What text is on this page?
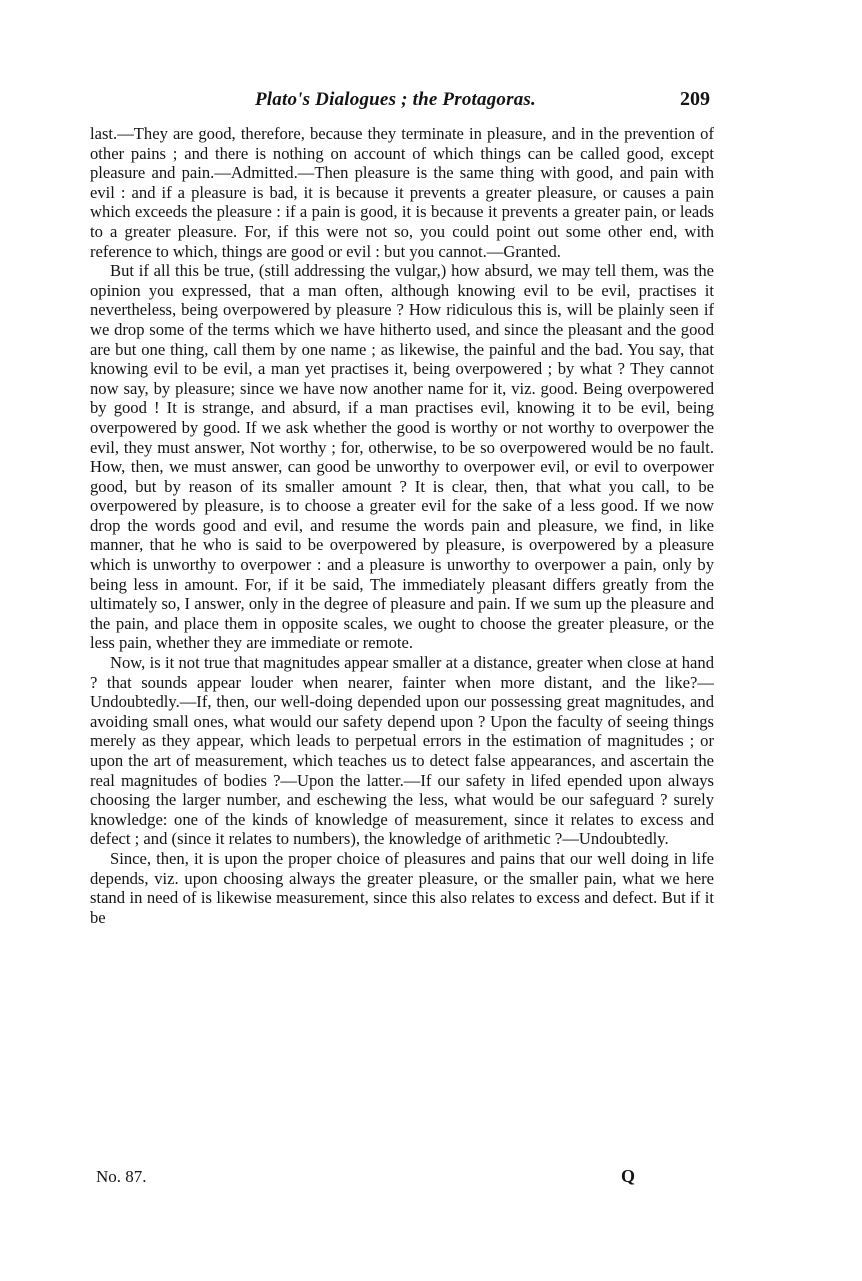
Plato's Dialogues ; the Protagoras.	209

last.—They are good, therefore, because they terminate in pleasure, and in the prevention of other pains ; and there is nothing on account of which things can be called good, except pleasure and pain.—Admitted.—Then pleasure is the same thing with good, and pain with evil : and if a pleasure is bad, it is because it prevents a greater pleasure, or causes a pain which exceeds the pleasure : if a pain is good, it is because it prevents a greater pain, or leads to a greater pleasure. For, if this were not so, you could point out some other end, with reference to which, things are good or evil : but you cannot.—Granted.

But if all this be true, (still addressing the vulgar,) how absurd, we may tell them, was the opinion you expressed, that a man often, although knowing evil to be evil, practises it nevertheless, being overpowered by pleasure ? How ridiculous this is, will be plainly seen if we drop some of the terms which we have hitherto used, and since the pleasant and the good are but one thing, call them by one name ; as likewise, the painful and the bad. You say, that knowing evil to be evil, a man yet practises it, being overpowered ; by what ? They cannot now say, by pleasure; since we have now another name for it, viz. good. Being overpowered by good ! It is strange, and absurd, if a man practises evil, knowing it to be evil, being overpowered by good. If we ask whether the good is worthy or not worthy to overpower the evil, they must answer, Not worthy ; for, otherwise, to be so overpowered would be no fault. How, then, we must answer, can good be unworthy to overpower evil, or evil to overpower good, but by reason of its smaller amount ? It is clear, then, that what you call, to be overpowered by pleasure, is to choose a greater evil for the sake of a less good. If we now drop the words good and evil, and resume the words pain and pleasure, we find, in like manner, that he who is said to be overpowered by pleasure, is overpowered by a pleasure which is unworthy to overpower : and a pleasure is unworthy to overpower a pain, only by being less in amount. For, if it be said, The immediately pleasant differs greatly from the ultimately so, I answer, only in the degree of pleasure and pain. If we sum up the pleasure and the pain, and place them in opposite scales, we ought to choose the greater pleasure, or the less pain, whether they are immediate or remote.

Now, is it not true that magnitudes appear smaller at a distance, greater when close at hand ? that sounds appear louder when nearer, fainter when more distant, and the like?—Undoubtedly.—If, then, our well-doing depended upon our possessing great magnitudes, and avoiding small ones, what would our safety depend upon ? Upon the faculty of seeing things merely as they appear, which leads to perpetual errors in the estimation of magnitudes ; or upon the art of measurement, which teaches us to detect false appearances, and ascertain the real magnitudes of bodies ?—Upon the latter.—If our safety in lifed epended upon always choosing the larger number, and eschewing the less, what would be our safeguard ? surely knowledge: one of the kinds of knowledge of measurement, since it relates to excess and defect ; and (since it relates to numbers), the knowledge of arithmetic ?—Undoubtedly.

Since, then, it is upon the proper choice of pleasures and pains that our well doing in life depends, viz. upon choosing always the greater pleasure, or the smaller pain, what we here stand in need of is likewise measurement, since this also relates to excess and defect. But if it be

No. 87.	Q
